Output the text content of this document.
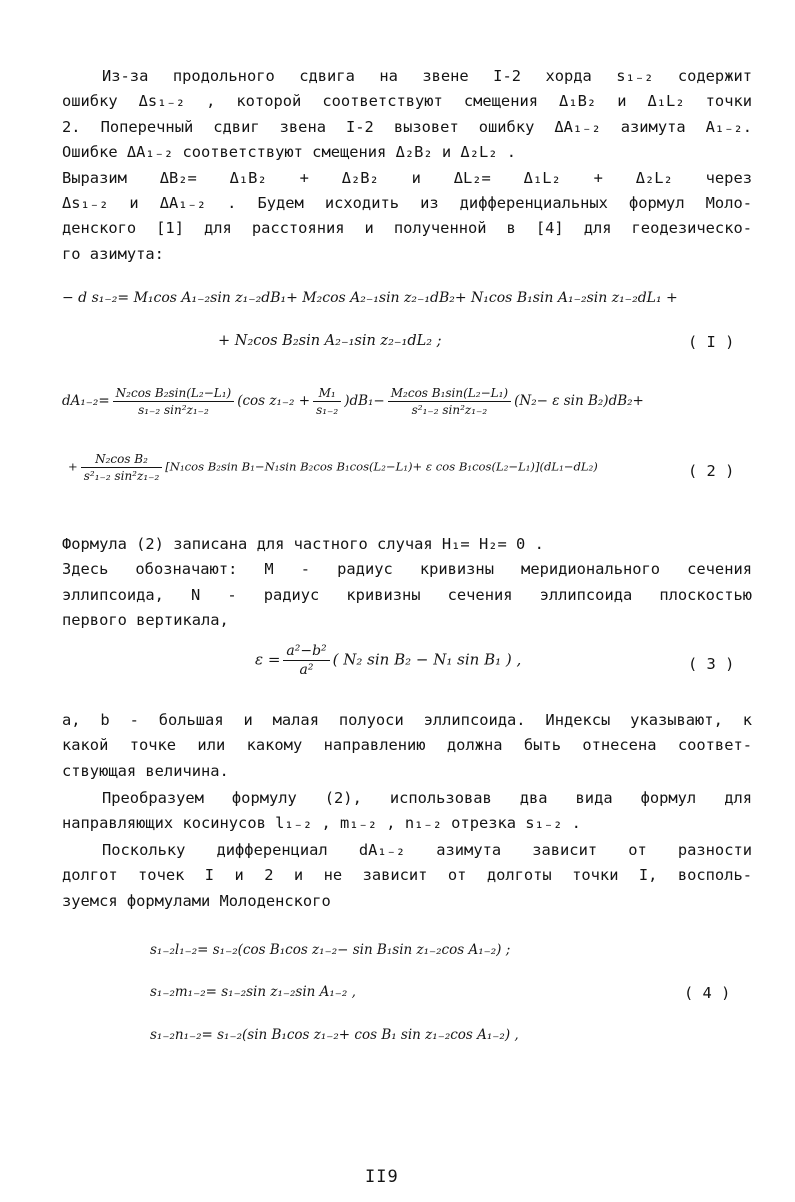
Из-за продольного сдвига на звене I-2 хорда s₁₋₂ содержит
ошибку Δs₁₋₂ , которой соответствуют смещения Δ₁B₂ и Δ₁L₂ точки
2. Поперечный сдвиг звена I-2 вызовет ошибку ΔA₁₋₂ азимута A₁₋₂.
Ошибке ΔA₁₋₂ соответствуют смещения Δ₂B₂ и Δ₂L₂ .
Выразим ΔB₂= Δ₁B₂ + Δ₂B₂ и ΔL₂= Δ₁L₂ + Δ₂L₂ через
Δs₁₋₂ и ΔA₁₋₂ . Будем исходить из дифференциальных формул Моло-
денского [1] для расстояния и полученной в [4] для геодезическо-
го азимута:
− d s₁₋₂= M₁cos A₁₋₂sin z₁₋₂dB₁+ M₂cos A₂₋₁sin z₂₋₁dB₂+ N₁cos B₁sin A₁₋₂sin z₁₋₂dL₁ +
+ N₂cos B₂sin A₂₋₁sin z₂₋₁dL₂ ;	( I )
$dA_{1-2}= \frac{\text{N₂cos B₂sin(L₂−L₁)}}{\text{s₁₋₂ sin²z₁₋₂}} (\cos$ $z_{1-2} + \frac{\text{M₁}}{\text{s₁₋₂}} )dB_1- \frac{\text{M₂cos B₁sin(L₂−L₁)}}{\text{s²₁₋₂ sin²z₁₋₂}} (N_2- \varepsilon$ sin B₂)dB₂+
+ $\frac{\text{N₂cos B₂}}{\text{s²₁₋₂ sin²z₁₋₂}} [N_1\cos$ B₂sin B₁−N₁sin B₂cos B₁cos(L₂−L₁)+ ε cos B₁cos(L₂−L₁)](dL₁−dL₂)	( 2 )
Формула (2) записана для частного случая H₁= H₂= 0 .
Здесь обозначают: M - радиус кривизны меридионального сечения
эллипсоида, N - радиус кривизны сечения эллипсоида плоскостью
первого вертикала,
$\varepsilon = \frac{\text{a²−b²}}{\text{a²}}$ ( N₂ sin B₂ − N₁ sin B₁ ) ,	( 3 )
a, b - большая и малая полуоси эллипсоида. Индексы указывают, к
какой точке или какому направлению должна быть отнесена соответ-
ствующая величина.
Преобразуем формулу (2), использовав два вида формул для
направляющих косинусов l₁₋₂ , m₁₋₂ , n₁₋₂ отрезка s₁₋₂ .
Поскольку дифференциал dA₁₋₂ азимута зависит от разности
долгот точек I и 2 и не зависит от долготы точки I, восполь-
зуемся формулами Молоденского
s₁₋₂l₁₋₂= s₁₋₂(cos B₁cos z₁₋₂− sin B₁sin z₁₋₂cos A₁₋₂) ;
s₁₋₂m₁₋₂= s₁₋₂sin z₁₋₂sin A₁₋₂ ,	( 4 )
s₁₋₂n₁₋₂= s₁₋₂(sin B₁cos z₁₋₂+ cos B₁ sin z₁₋₂cos A₁₋₂) ,
II9
